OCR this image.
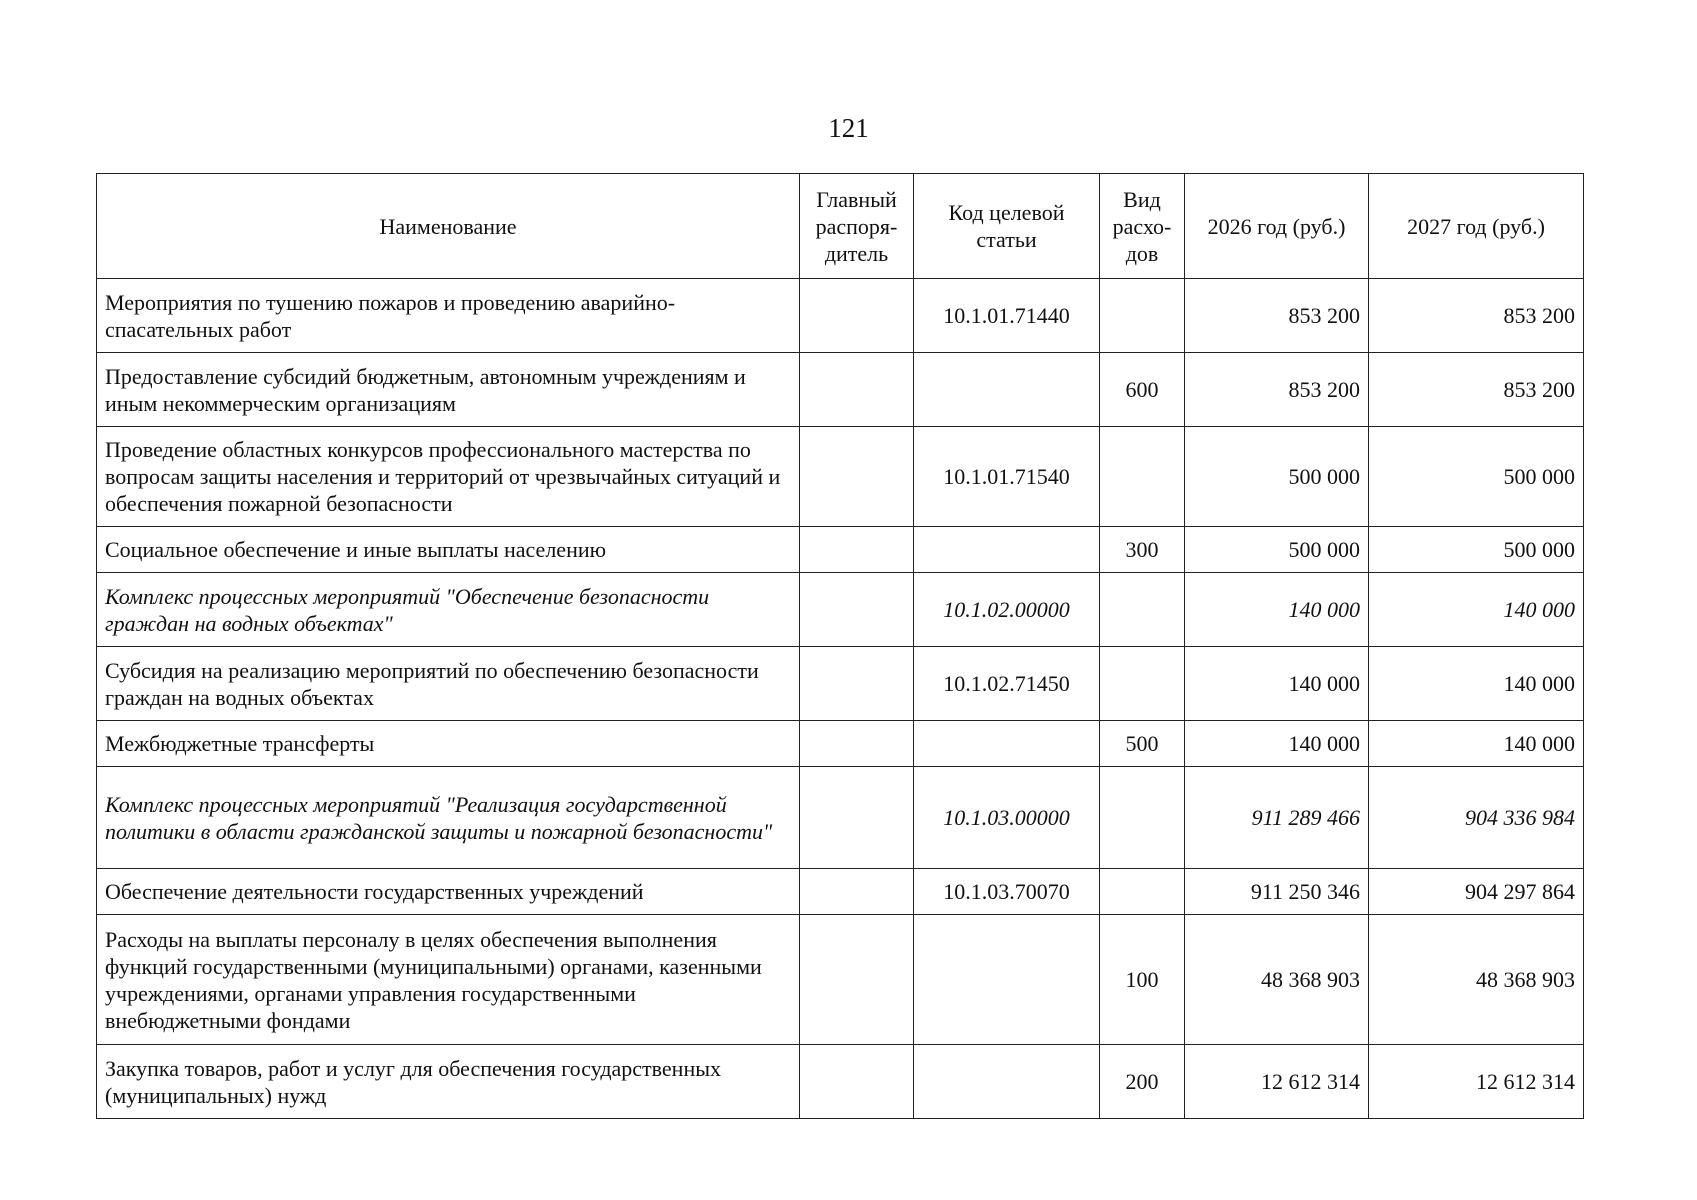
121
Наименование	Главный распоря-дитель	Код целевой статьи	Вид расхо-дов	2026 год (руб.)	2027 год (руб.)
Мероприятия по тушению пожаров и проведению аварийно-спасательных работ		10.1.01.71440		853 200	853 200
Предоставление субсидий бюджетным, автономным учреждениям и иным некоммерческим организациям			600	853 200	853 200
Проведение областных конкурсов профессионального мастерства по вопросам защиты населения и территорий от чрезвычайных ситуаций и обеспечения пожарной безопасности		10.1.01.71540		500 000	500 000
Социальное обеспечение и иные выплаты населению			300	500 000	500 000
Комплекс процессных мероприятий "Обеспечение безопасности граждан на водных объектах"		10.1.02.00000		140 000	140 000
Субсидия на реализацию мероприятий по обеспечению безопасности граждан на водных объектах		10.1.02.71450		140 000	140 000
Межбюджетные трансферты			500	140 000	140 000
Комплекс процессных мероприятий "Реализация государственной политики в области гражданской защиты и пожарной безопасности"		10.1.03.00000		911 289 466	904 336 984
Обеспечение деятельности государственных учреждений		10.1.03.70070		911 250 346	904 297 864
Расходы на выплаты персоналу в целях обеспечения выполнения функций государственными (муниципальными) органами, казенными учреждениями, органами управления государственными внебюджетными фондами			100	48 368 903	48 368 903
Закупка товаров, работ и услуг для обеспечения государственных (муниципальных) нужд			200	12 612 314	12 612 314
